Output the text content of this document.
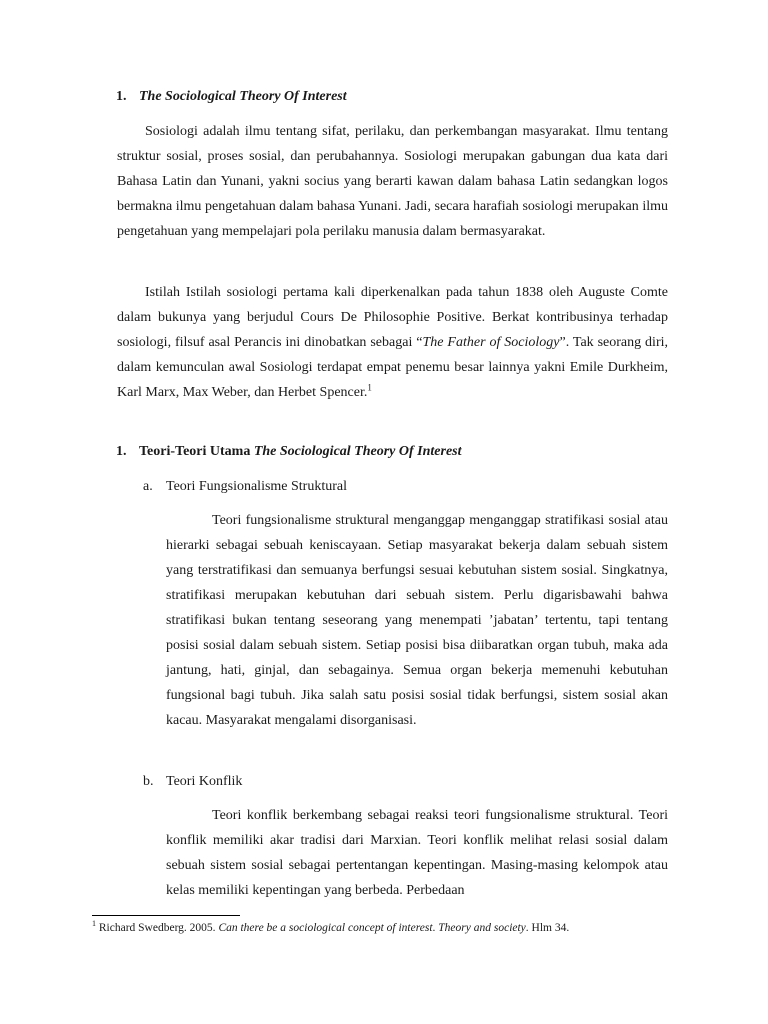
1. The Sociological Theory Of Interest

Sosiologi adalah ilmu tentang sifat, perilaku, dan perkembangan masyarakat. Ilmu tentang struktur sosial, proses sosial, dan perubahannya. Sosiologi merupakan gabungan dua kata dari Bahasa Latin dan Yunani, yakni socius yang berarti kawan dalam bahasa Latin sedangkan logos bermakna ilmu pengetahuan dalam bahasa Yunani. Jadi, secara harafiah sosiologi merupakan ilmu pengetahuan yang mempelajari pola perilaku manusia dalam bermasyarakat.

Istilah Istilah sosiologi pertama kali diperkenalkan pada tahun 1838 oleh Auguste Comte dalam bukunya yang berjudul Cours De Philosophie Positive. Berkat kontribusinya terhadap sosiologi, filsuf asal Perancis ini dinobatkan sebagai “The Father of Sociology”. Tak seorang diri, dalam kemunculan awal Sosiologi terdapat empat penemu besar lainnya yakni Emile Durkheim, Karl Marx, Max Weber, dan Herbet Spencer.$^1$

1. Teori-Teori Utama The Sociological Theory Of Interest
a. Teori Fungsionalisme Struktural

Teori fungsionalisme struktural menganggap menganggap stratifikasi sosial atau hierarki sebagai sebuah keniscayaan. Setiap masyarakat bekerja dalam sebuah sistem yang terstratifikasi dan semuanya berfungsi sesuai kebutuhan sistem sosial. Singkatnya, stratifikasi merupakan kebutuhan dari sebuah sistem. Perlu digarisbawahi bahwa stratifikasi bukan tentang seseorang yang menempati ’jabatan’ tertentu, tapi tentang posisi sosial dalam sebuah sistem. Setiap posisi bisa diibaratkan organ tubuh, maka ada jantung, hati, ginjal, dan sebagainya. Semua organ bekerja memenuhi kebutuhan fungsional bagi tubuh. Jika salah satu posisi sosial tidak berfungsi, sistem sosial akan kacau. Masyarakat mengalami disorganisasi.

b. Teori Konflik

Teori konflik berkembang sebagai reaksi teori fungsionalisme struktural. Teori konflik memiliki akar tradisi dari Marxian. Teori konflik melihat relasi sosial dalam sebuah sistem sosial sebagai pertentangan kepentingan. Masing-masing kelompok atau kelas memiliki kepentingan yang berbeda. Perbedaan

$^1$ Richard Swedberg. 2005. Can there be a sociological concept of interest. Theory and society. Hlm 34.
